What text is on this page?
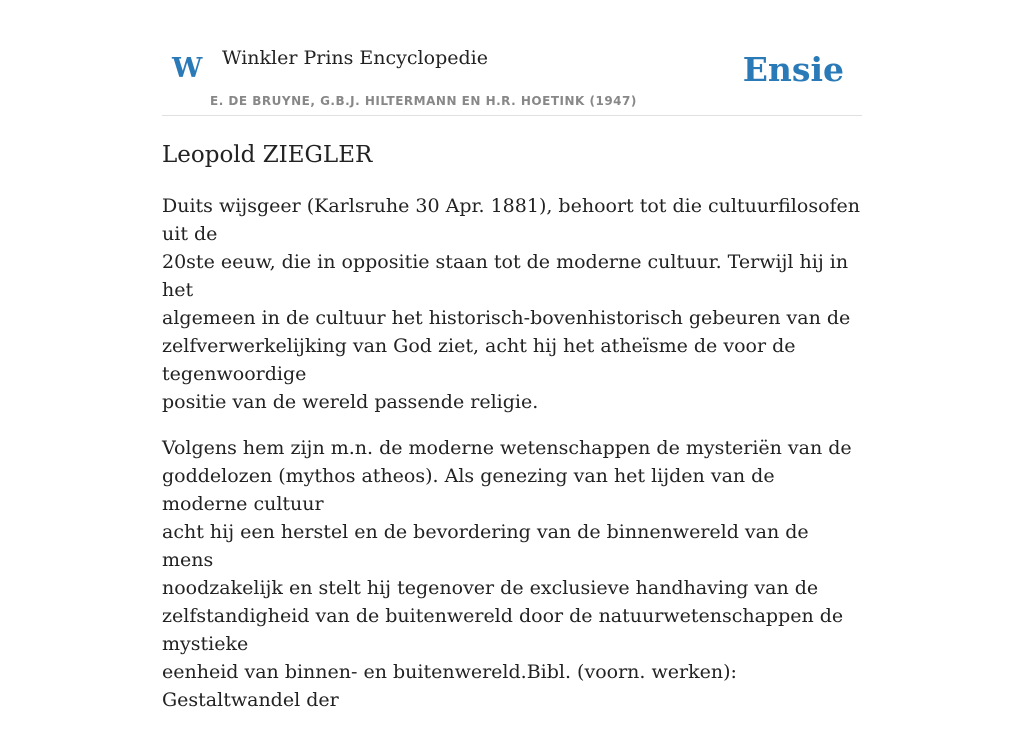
W Winkler Prins Encyclopedie
E. DE BRUYNE, G.B.J. HILTERMANN EN H.R. HOETINK (1947)
Ensie
Leopold ZIEGLER

Duits wijsgeer (Karlsruhe 30 Apr. 1881), behoort tot die cultuurfilosofen uit de
20ste eeuw, die in oppositie staan tot de moderne cultuur. Terwijl hij in het
algemeen in de cultuur het historisch-bovenhistorisch gebeuren van de
zelfverwerkelijking van God ziet, acht hij het atheïsme de voor de tegenwoordige
positie van de wereld passende religie.

Volgens hem zijn m.n. de moderne wetenschappen de mysteriën van de
goddelozen (mythos atheos). Als genezing van het lijden van de moderne cultuur
acht hij een herstel en de bevordering van de binnenwereld van de mens
noodzakelijk en stelt hij tegenover de exclusieve handhaving van de
zelfstandigheid van de buitenwereld door de natuurwetenschappen de mystieke
eenheid van binnen- en buitenwereld.Bibl. (voorn. werken): Gestaltwandel der
